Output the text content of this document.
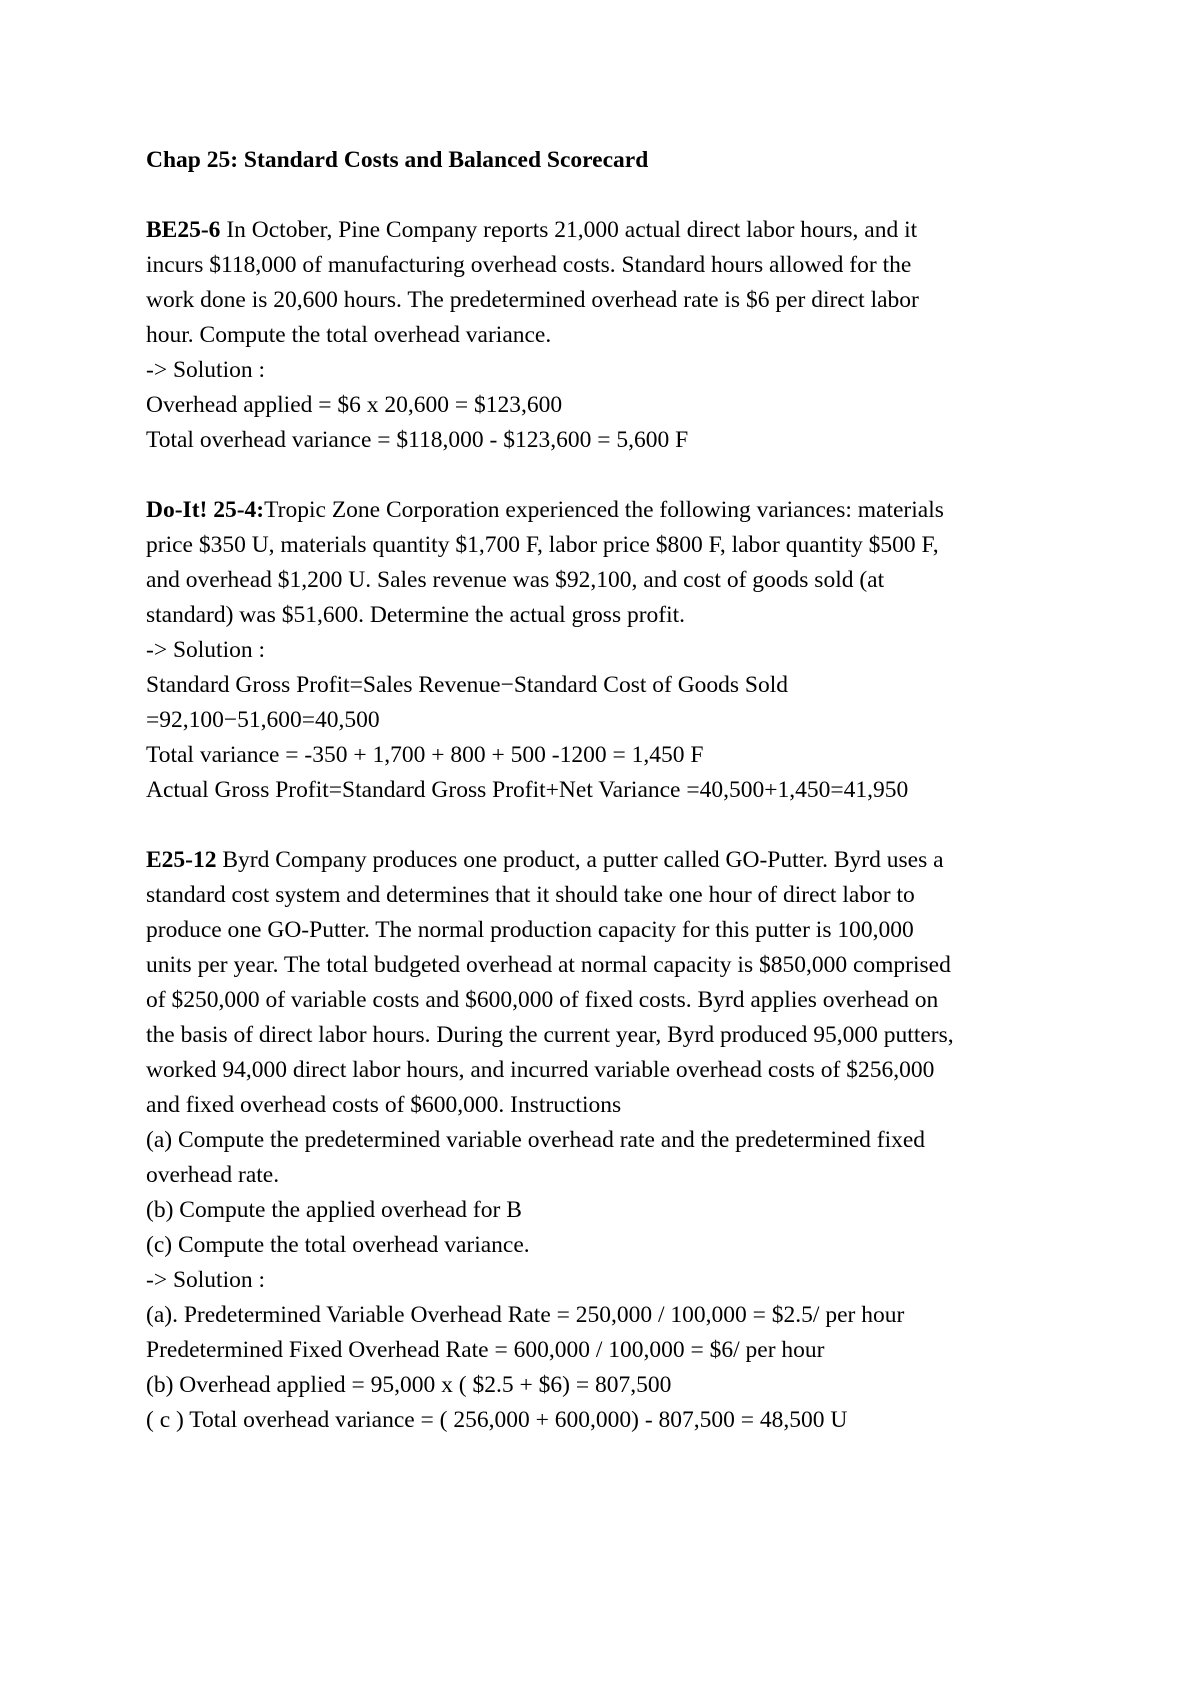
Chap 25: Standard Costs and Balanced Scorecard
BE25-6 In October, Pine Company reports 21,000 actual direct labor hours, and it
incurs $118,000 of manufacturing overhead costs. Standard hours allowed for the
work done is 20,600 hours. The predetermined overhead rate is $6 per direct labor
hour. Compute the total overhead variance.
-> Solution :
Overhead applied = $6 x 20,600 = $123,600
Total overhead variance = $118,000 - $123,600 = 5,600 F
Do-It! 25-4:Tropic Zone Corporation experienced the following variances: materials
price $350 U, materials quantity $1,700 F, labor price $800 F, labor quantity $500 F,
and overhead $1,200 U. Sales revenue was $92,100, and cost of goods sold (at
standard) was $51,600. Determine the actual gross profit.
-> Solution :
Standard Gross Profit=Sales Revenue−Standard Cost of Goods Sold
=92,100−51,600=40,500
Total variance = -350 + 1,700 + 800 + 500 -1200 = 1,450 F
Actual Gross Profit=Standard Gross Profit+Net Variance =40,500+1,450=41,950
E25-12 Byrd Company produces one product, a putter called GO-Putter. Byrd uses a
standard cost system and determines that it should take one hour of direct labor to
produce one GO-Putter. The normal production capacity for this putter is 100,000
units per year. The total budgeted overhead at normal capacity is $850,000 comprised
of $250,000 of variable costs and $600,000 of fixed costs. Byrd applies overhead on
the basis of direct labor hours. During the current year, Byrd produced 95,000 putters,
worked 94,000 direct labor hours, and incurred variable overhead costs of $256,000
and fixed overhead costs of $600,000. Instructions
(a) Compute the predetermined variable overhead rate and the predetermined fixed
overhead rate.
(b) Compute the applied overhead for B
(c) Compute the total overhead variance.
-> Solution :
(a). Predetermined Variable Overhead Rate = 250,000 / 100,000 = $2.5/ per hour
Predetermined Fixed Overhead Rate = 600,000 / 100,000 = $6/ per hour
(b) Overhead applied = 95,000 x ( $2.5 + $6) = 807,500
( c ) Total overhead variance = ( 256,000 + 600,000) - 807,500 = 48,500 U
